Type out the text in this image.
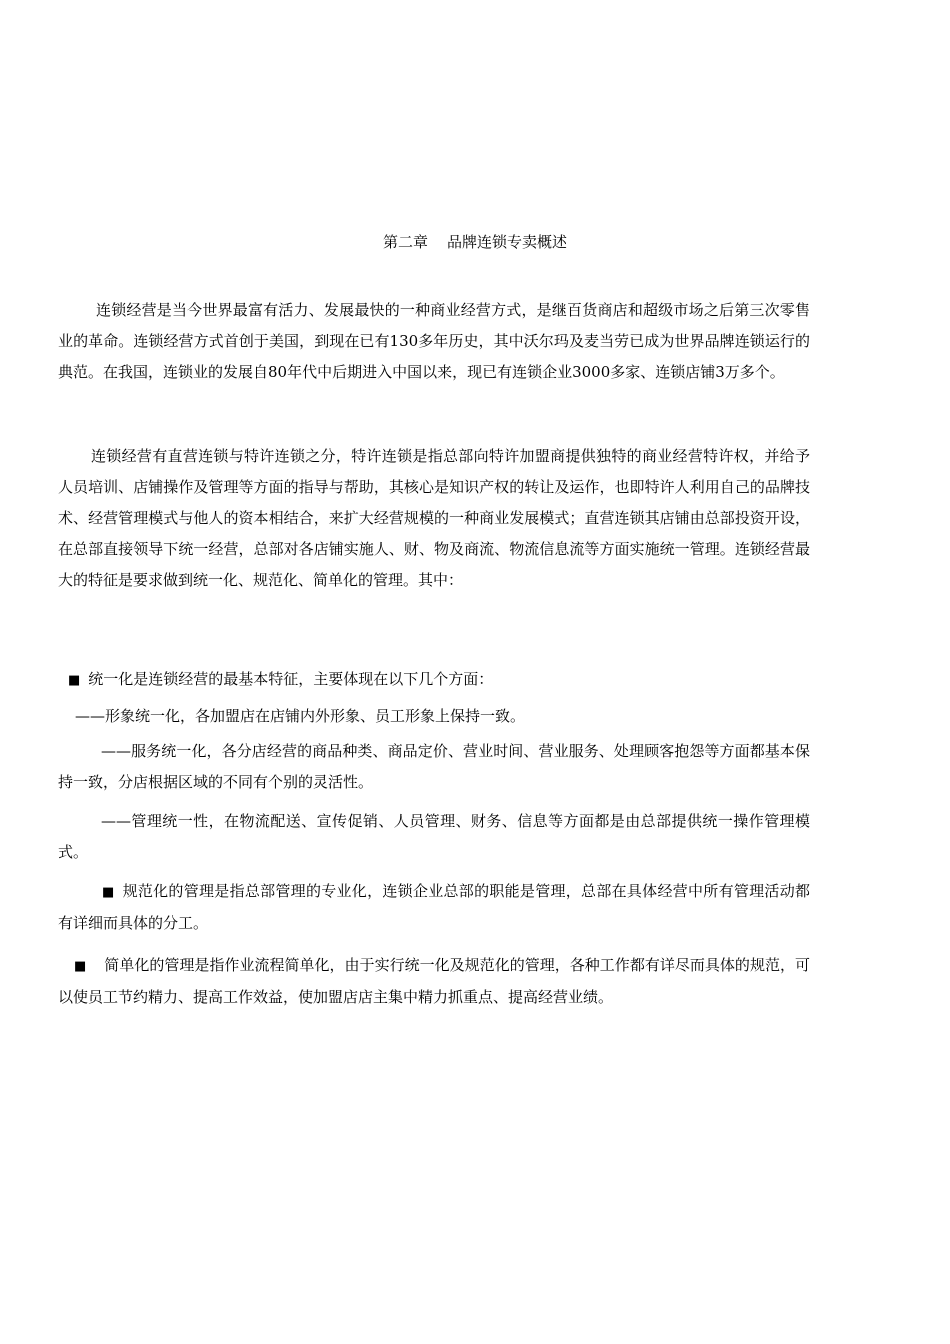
第二章    品牌连锁专卖概述

连锁经营是当今世界最富有活力、发展最快的一种商业经营方式，是继百货商店和超级市场之后第三次零售业的革命。连锁经营方式首创于美国，到现在已有130多年历史，其中沃尔玛及麦当劳已成为世界品牌连锁运行的典范。在我国，连锁业的发展自80年代中后期进入中国以来，现已有连锁企业3000多家、连锁店铺3万多个。

连锁经营有直营连锁与特许连锁之分，特许连锁是指总部向特许加盟商提供独特的商业经营特许权，并给予人员培训、店铺操作及管理等方面的指导与帮助，其核心是知识产权的转让及运作，也即特许人利用自己的品牌技术、经营管理模式与他人的资本相结合，来扩大经营规模的一种商业发展模式；直营连锁其店铺由总部投资开设，在总部直接领导下统一经营，总部对各店铺实施人、财、物及商流、物流信息流等方面实施统一管理。连锁经营最大的特征是要求做到统一化、规范化、简单化的管理。其中：

■ 统一化是连锁经营的最基本特征，主要体现在以下几个方面：

——形象统一化，各加盟店在店铺内外形象、员工形象上保持一致。

——服务统一化，各分店经营的商品种类、商品定价、营业时间、营业服务、处理顾客抱怨等方面都基本保持一致，分店根据区域的不同有个别的灵活性。

——管理统一性，在物流配送、宣传促销、人员管理、财务、信息等方面都是由总部提供统一操作管理模式。

■ 规范化的管理是指总部管理的专业化，连锁企业总部的职能是管理，总部在具体经营中所有管理活动都有详细而具体的分工。

■ 简单化的管理是指作业流程简单化，由于实行统一化及规范化的管理，各种工作都有详尽而具体的规范，可以使员工节约精力、提高工作效益，使加盟店店主集中精力抓重点、提高经营业绩。
